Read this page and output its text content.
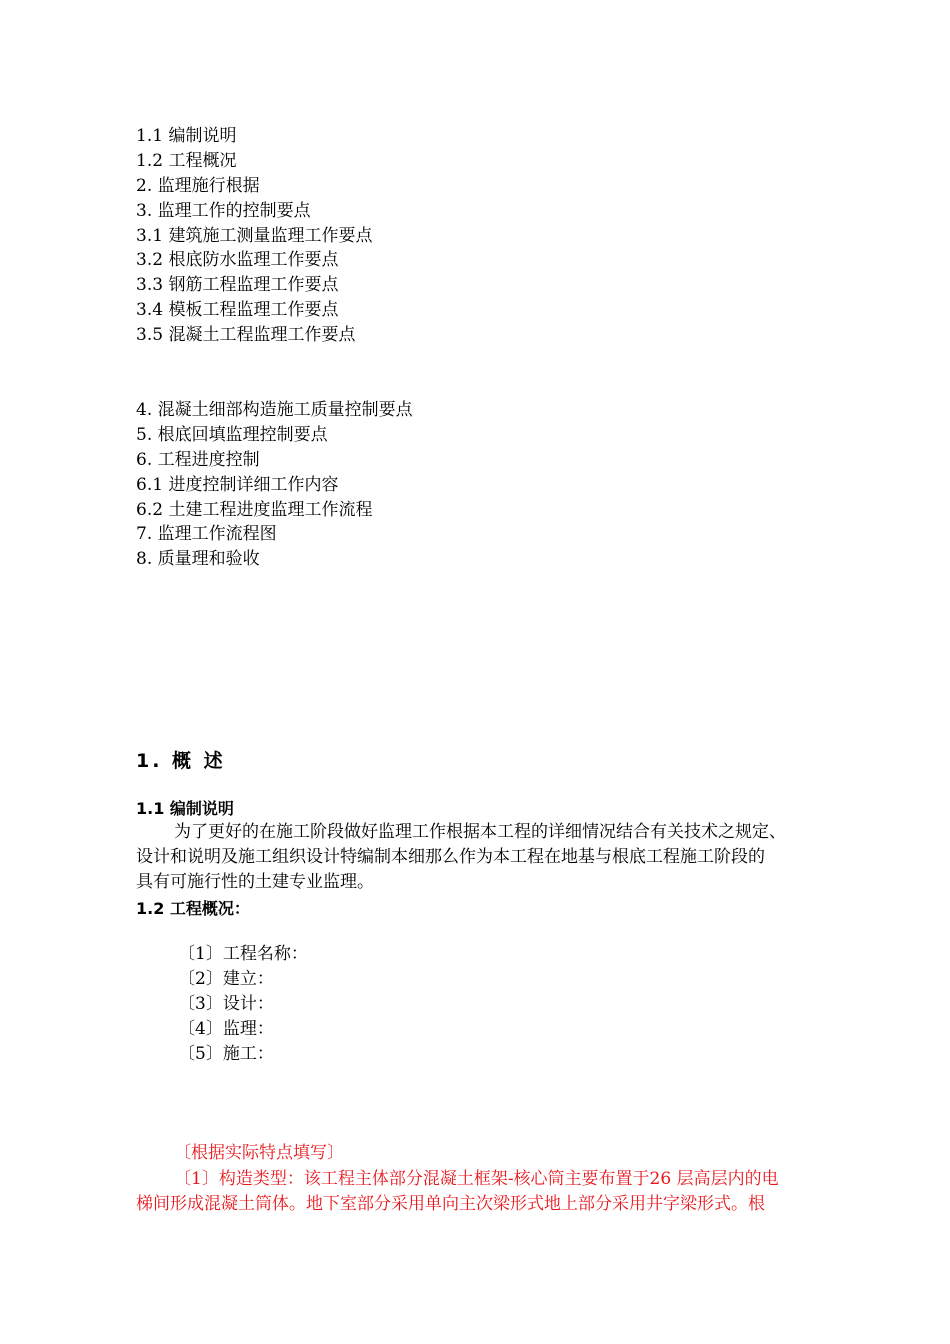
1.1 编制说明
1.2 工程概况
2. 监理施行根据
3. 监理工作的控制要点
3.1 建筑施工测量监理工作要点
3.2 根底防水监理工作要点
3.3 钢筋工程监理工作要点
3.4 模板工程监理工作要点
3.5 混凝土工程监理工作要点
4. 混凝土细部构造施工质量控制要点
5. 根底回填监理控制要点
6. 工程进度控制
6.1 进度控制详细工作内容
6.2 土建工程进度监理工作流程
7. 监理工作流程图
8. 质量理和验收
1. 概 述
1.1 编制说明
为了更好的在施工阶段做好监理工作根据本工程的详细情况结合有关技术之规定、
设计和说明及施工组织设计特编制本细那么作为本工程在地基与根底工程施工阶段的
具有可施行性的土建专业监理。
1.2 工程概况：
〔1〕工程名称：
〔2〕建立：
〔3〕设计：
〔4〕监理：
〔5〕施工：
〔根据实际特点填写〕
〔1〕构造类型：该工程主体部分混凝土框架-核心筒主要布置于26 层高层内的电
梯间形成混凝土筒体。地下室部分采用单向主次梁形式地上部分采用井字梁形式。根
